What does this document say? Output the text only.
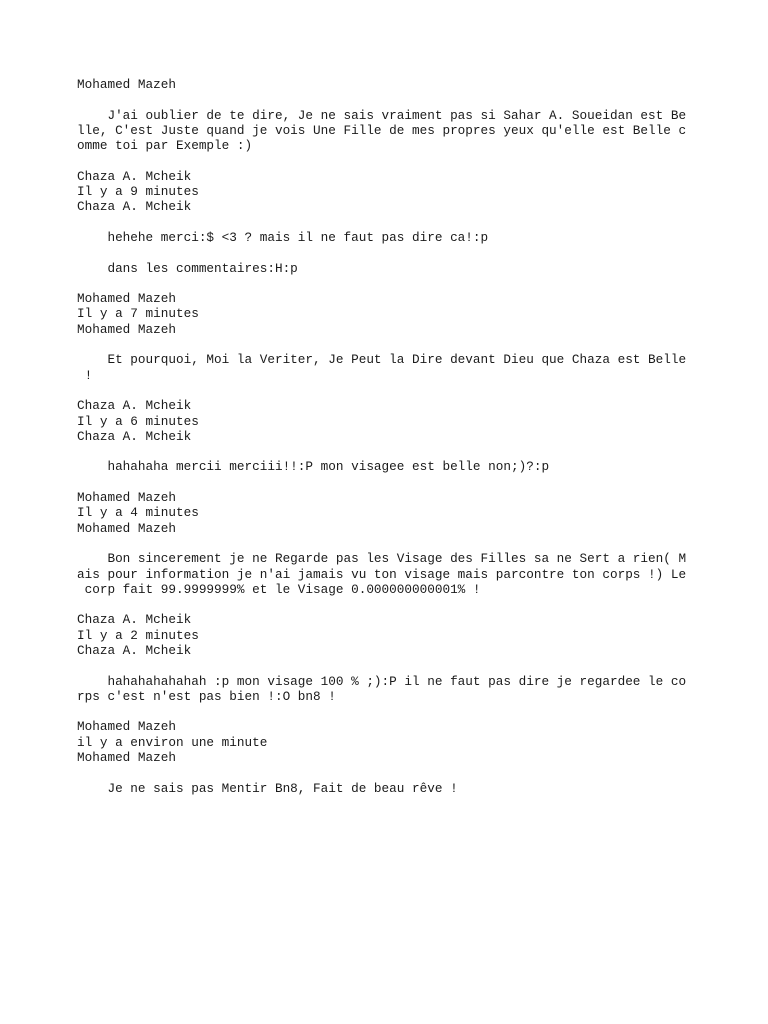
Mohamed Mazeh
J'ai oublier de te dire, Je ne sais vraiment pas si Sahar A. Soueidan est Be
lle, C'est Juste quand je vois Une Fille de mes propres yeux qu'elle est Belle c
omme toi par Exemple :)
Chaza A. Mcheik
Il y a 9 minutes
Chaza A. Mcheik
hehehe merci:$ <3 ? mais il ne faut pas dire ca!:p
dans les commentaires:H:p
Mohamed Mazeh
Il y a 7 minutes
Mohamed Mazeh
Et pourquoi, Moi la Veriter, Je Peut la Dire devant Dieu que Chaza est Belle
!
Chaza A. Mcheik
Il y a 6 minutes
Chaza A. Mcheik
hahahaha mercii merciii!!:P mon visagee est belle non;)?:p
Mohamed Mazeh
Il y a 4 minutes
Mohamed Mazeh
Bon sincerement je ne Regarde pas les Visage des Filles sa ne Sert a rien( M
ais pour information je n'ai jamais vu ton visage mais parcontre ton corps !) Le
corp fait 99.9999999% et le Visage 0.000000000001% !
Chaza A. Mcheik
Il y a 2 minutes
Chaza A. Mcheik
hahahahahahah :p mon visage 100 % ;):P il ne faut pas dire je regardee le co
rps c'est n'est pas bien !:O bn8 !
Mohamed Mazeh
il y a environ une minute
Mohamed Mazeh
Je ne sais pas Mentir Bn8, Fait de beau rêve !
